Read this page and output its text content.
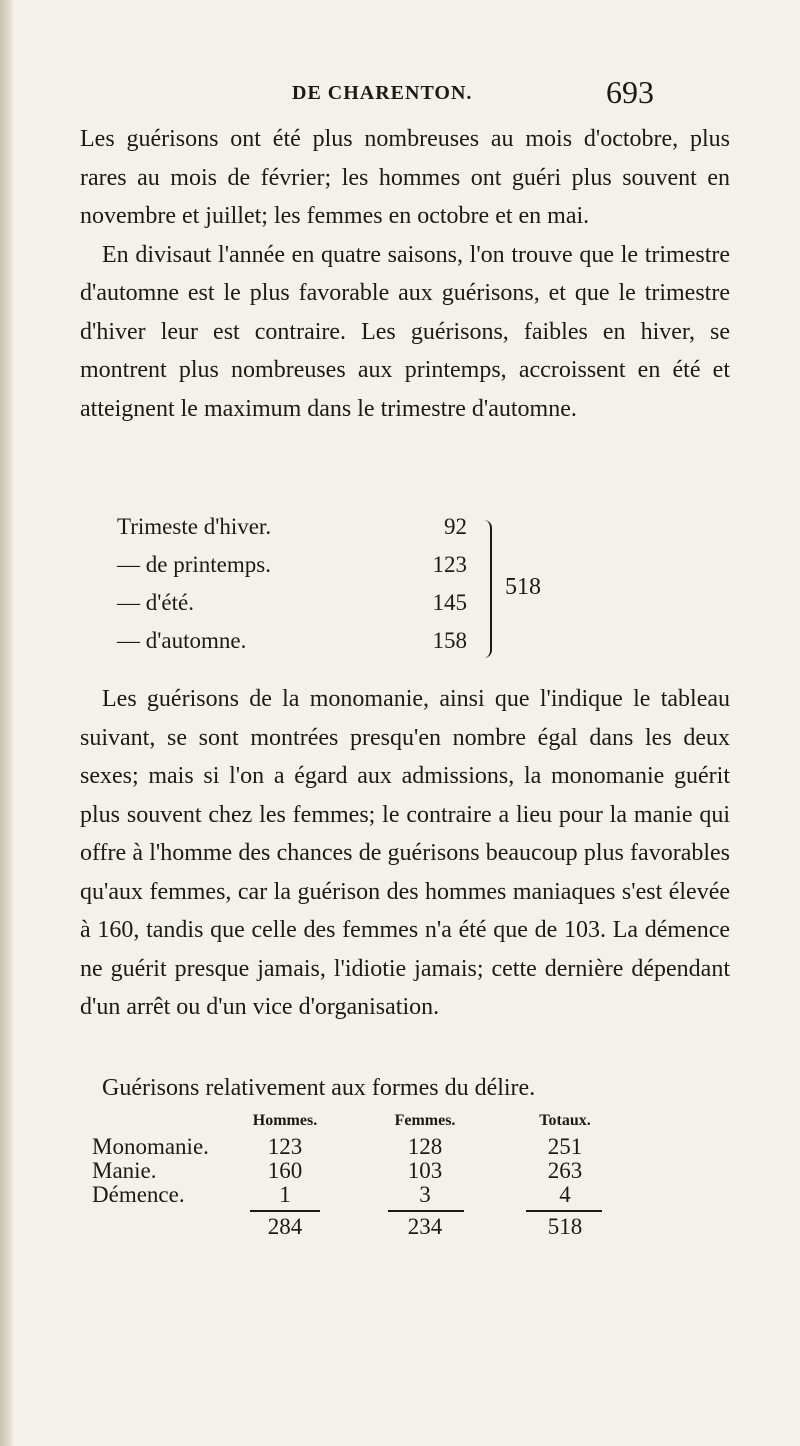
DE CHARENTON.	693

Les guérisons ont été plus nombreuses au mois d'octobre, plus rares au mois de février; les hommes ont guéri plus souvent en novembre et juillet; les femmes en octobre et en mai.

En divisaut l'année en quatre saisons, l'on trouve que le trimestre d'automne est le plus favorable aux guérisons, et que le trimestre d'hiver leur est contraire. Les guérisons, faibles en hiver, se montrent plus nombreuses aux printemps, accroissent en été et atteignent le maximum dans le trimestre d'automne.

Trimeste d'hiver.	92
— de printemps.	123
— d'été.	145
— d'automne.	158
518

Les guérisons de la monomanie, ainsi que l'indique le tableau suivant, se sont montrées presqu'en nombre égal dans les deux sexes; mais si l'on a égard aux admissions, la monomanie guérit plus souvent chez les femmes; le contraire a lieu pour la manie qui offre à l'homme des chances de guérisons beaucoup plus favorables qu'aux femmes, car la guérison des hommes maniaques s'est élevée à 160, tandis que celle des femmes n'a été que de 103. La démence ne guérit presque jamais, l'idiotie jamais; cette dernière dépendant d'un arrêt ou d'un vice d'organisation.

Guérisons relativement aux formes du délire.
Hommes.	Femmes.	Totaux.
Monomanie.	123	128	251
Manie.	160	103	263
Démence.	1	3	4
284	234	518
